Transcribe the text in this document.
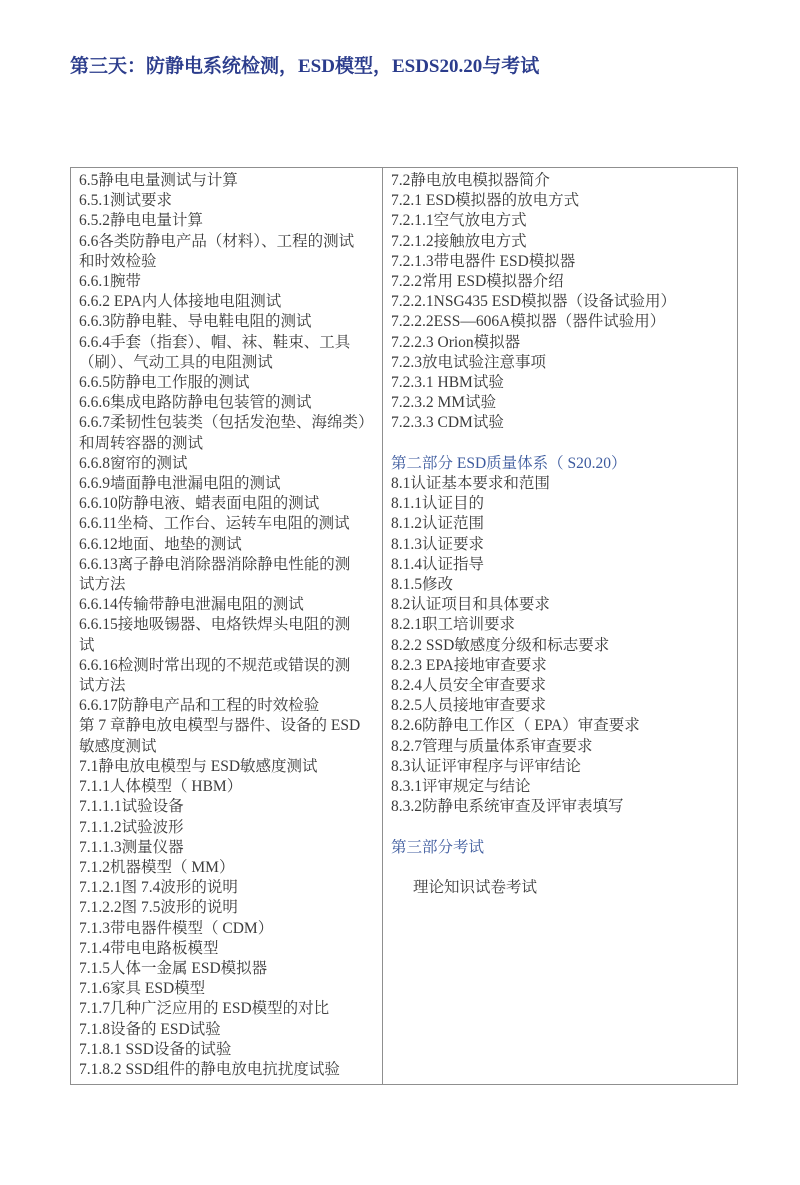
第三天：防静电系统检测，ESD模型，ESDS20.20与考试
6.5静电电量测试与计算
6.5.1测试要求
6.5.2静电电量计算
6.6各类防静电产品（材料）、工程的测试
和时效检验
6.6.1腕带
6.6.2 EPA内人体接地电阻测试
6.6.3防静电鞋、导电鞋电阻的测试
6.6.4手套（指套）、帽、袜、鞋束、工具
（刷）、气动工具的电阻测试
6.6.5防静电工作服的测试
6.6.6集成电路防静电包装管的测试
6.6.7柔韧性包装类（包括发泡垫、海绵类）
和周转容器的测试
6.6.8窗帘的测试
6.6.9墙面静电泄漏电阻的测试
6.6.10防静电液、蜡表面电阻的测试
6.6.11坐椅、工作台、运转车电阻的测试
6.6.12地面、地垫的测试
6.6.13离子静电消除器消除静电性能的测
试方法
6.6.14传输带静电泄漏电阻的测试
6.6.15接地吸锡器、电烙铁焊头电阻的测
试
6.6.16检测时常出现的不规范或错误的测
试方法
6.6.17防静电产品和工程的时效检验
第 7 章静电放电模型与器件、设备的 ESD
敏感度测试
7.1静电放电模型与 ESD敏感度测试
7.1.1人体模型（ HBM）
7.1.1.1试验设备
7.1.1.2试验波形
7.1.1.3测量仪器
7.1.2机器模型（ MM）
7.1.2.1图 7.4波形的说明
7.1.2.2图 7.5波形的说明
7.1.3带电器件模型（ CDM）
7.1.4带电电路板模型
7.1.5人体一金属 ESD模拟器
7.1.6家具 ESD模型
7.1.7几种广泛应用的 ESD模型的对比
7.1.8设备的 ESD试验
7.1.8.1 SSD设备的试验
7.1.8.2 SSD组件的静电放电抗扰度试验
7.2静电放电模拟器简介
7.2.1 ESD模拟器的放电方式
7.2.1.1空气放电方式
7.2.1.2接触放电方式
7.2.1.3带电器件 ESD模拟器
7.2.2常用 ESD模拟器介绍
7.2.2.1NSG435 ESD模拟器（设备试验用）
7.2.2.2ESS—606A模拟器（器件试验用）
7.2.2.3 Orion模拟器
7.2.3放电试验注意事项
7.2.3.1 HBM试验
7.2.3.2 MM试验
7.2.3.3 CDM试验

第二部分 ESD质量体系（ S20.20）
8.1认证基本要求和范围
8.1.1认证目的
8.1.2认证范围
8.1.3认证要求
8.1.4认证指导
8.1.5修改
8.2认证项目和具体要求
8.2.1职工培训要求
8.2.2 SSD敏感度分级和标志要求
8.2.3 EPA接地审查要求
8.2.4人员安全审查要求
8.2.5人员接地审查要求
8.2.6防静电工作区（ EPA）审查要求
8.2.7管理与质量体系审查要求
8.3认证评审程序与评审结论
8.3.1评审规定与结论
8.3.2防静电系统审查及评审表填写

第三部分考试

理论知识试卷考试
